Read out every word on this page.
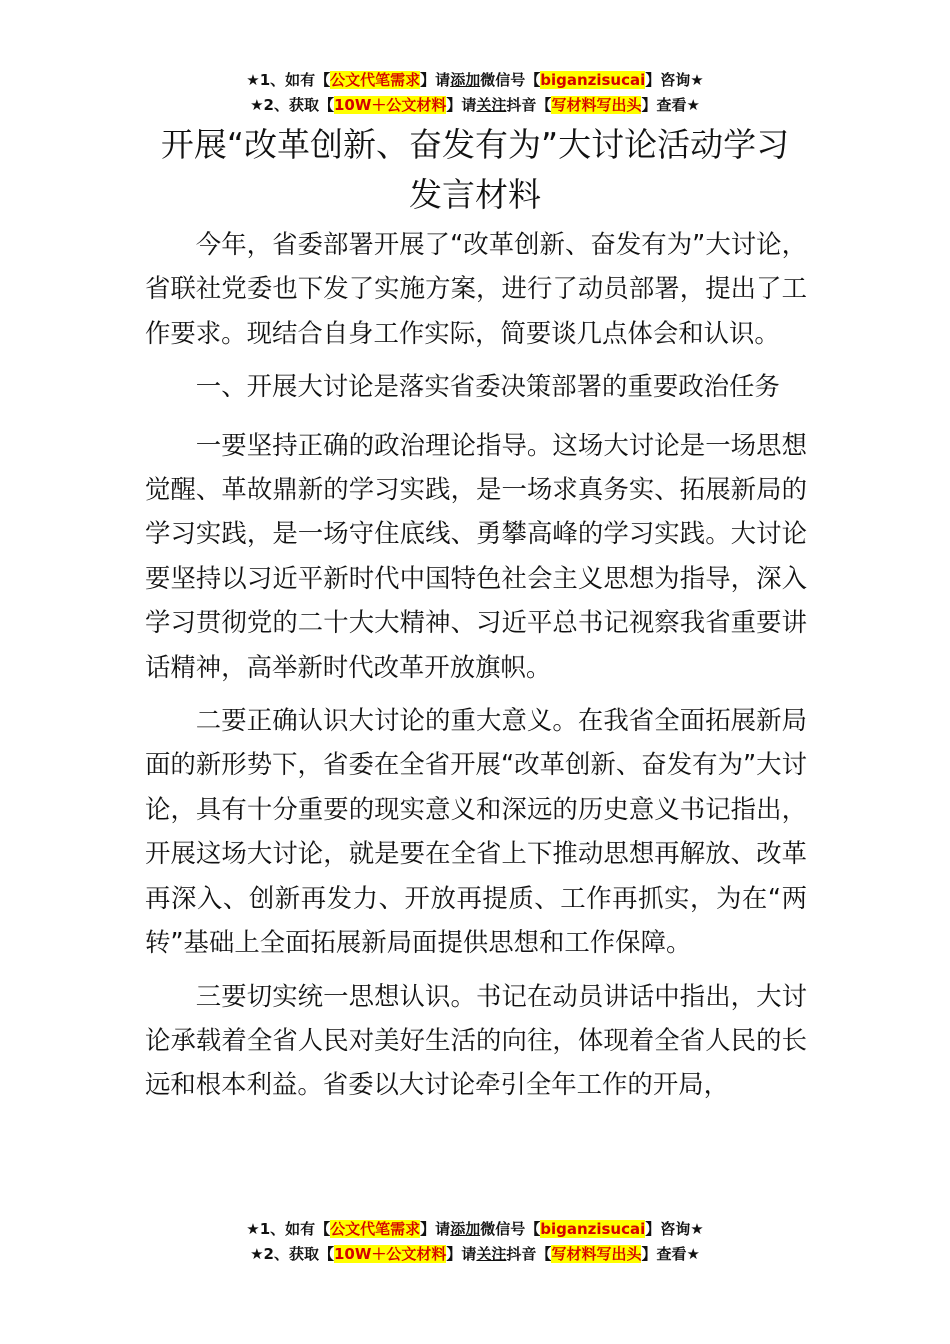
★1、如有【公文代笔需求】请添加微信号【biganzisucai】咨询★
★2、获取【10W＋公文材料】请关注抖音【写材料写出头】查看★
开展“改革创新、奋发有为”大讨论活动学习发言材料

今年，省委部署开展了“改革创新、奋发有为”大讨论，省联社党委也下发了实施方案，进行了动员部署，提出了工作要求。现结合自身工作实际，简要谈几点体会和认识。

一、开展大讨论是落实省委决策部署的重要政治任务

一要坚持正确的政治理论指导。这场大讨论是一场思想觉醒、革故鼎新的学习实践，是一场求真务实、拓展新局的学习实践，是一场守住底线、勇攀高峰的学习实践。大讨论要坚持以习近平新时代中国特色社会主义思想为指导，深入学习贯彻党的二十大大精神、习近平总书记视察我省重要讲话精神，高举新时代改革开放旗帜。

二要正确认识大讨论的重大意义。在我省全面拓展新局面的新形势下，省委在全省开展“改革创新、奋发有为”大讨论，具有十分重要的现实意义和深远的历史意义书记指出，开展这场大讨论，就是要在全省上下推动思想再解放、改革再深入、创新再发力、开放再提质、工作再抓实，为在“两转”基础上全面拓展新局面提供思想和工作保障。

三要切实统一思想认识。书记在动员讲话中指出，大讨论承载着全省人民对美好生活的向往，体现着全省人民的长远和根本利益。省委以大讨论牵引全年工作的开局，

★1、如有【公文代笔需求】请添加微信号【biganzisucai】咨询★
★2、获取【10W＋公文材料】请关注抖音【写材料写出头】查看★
